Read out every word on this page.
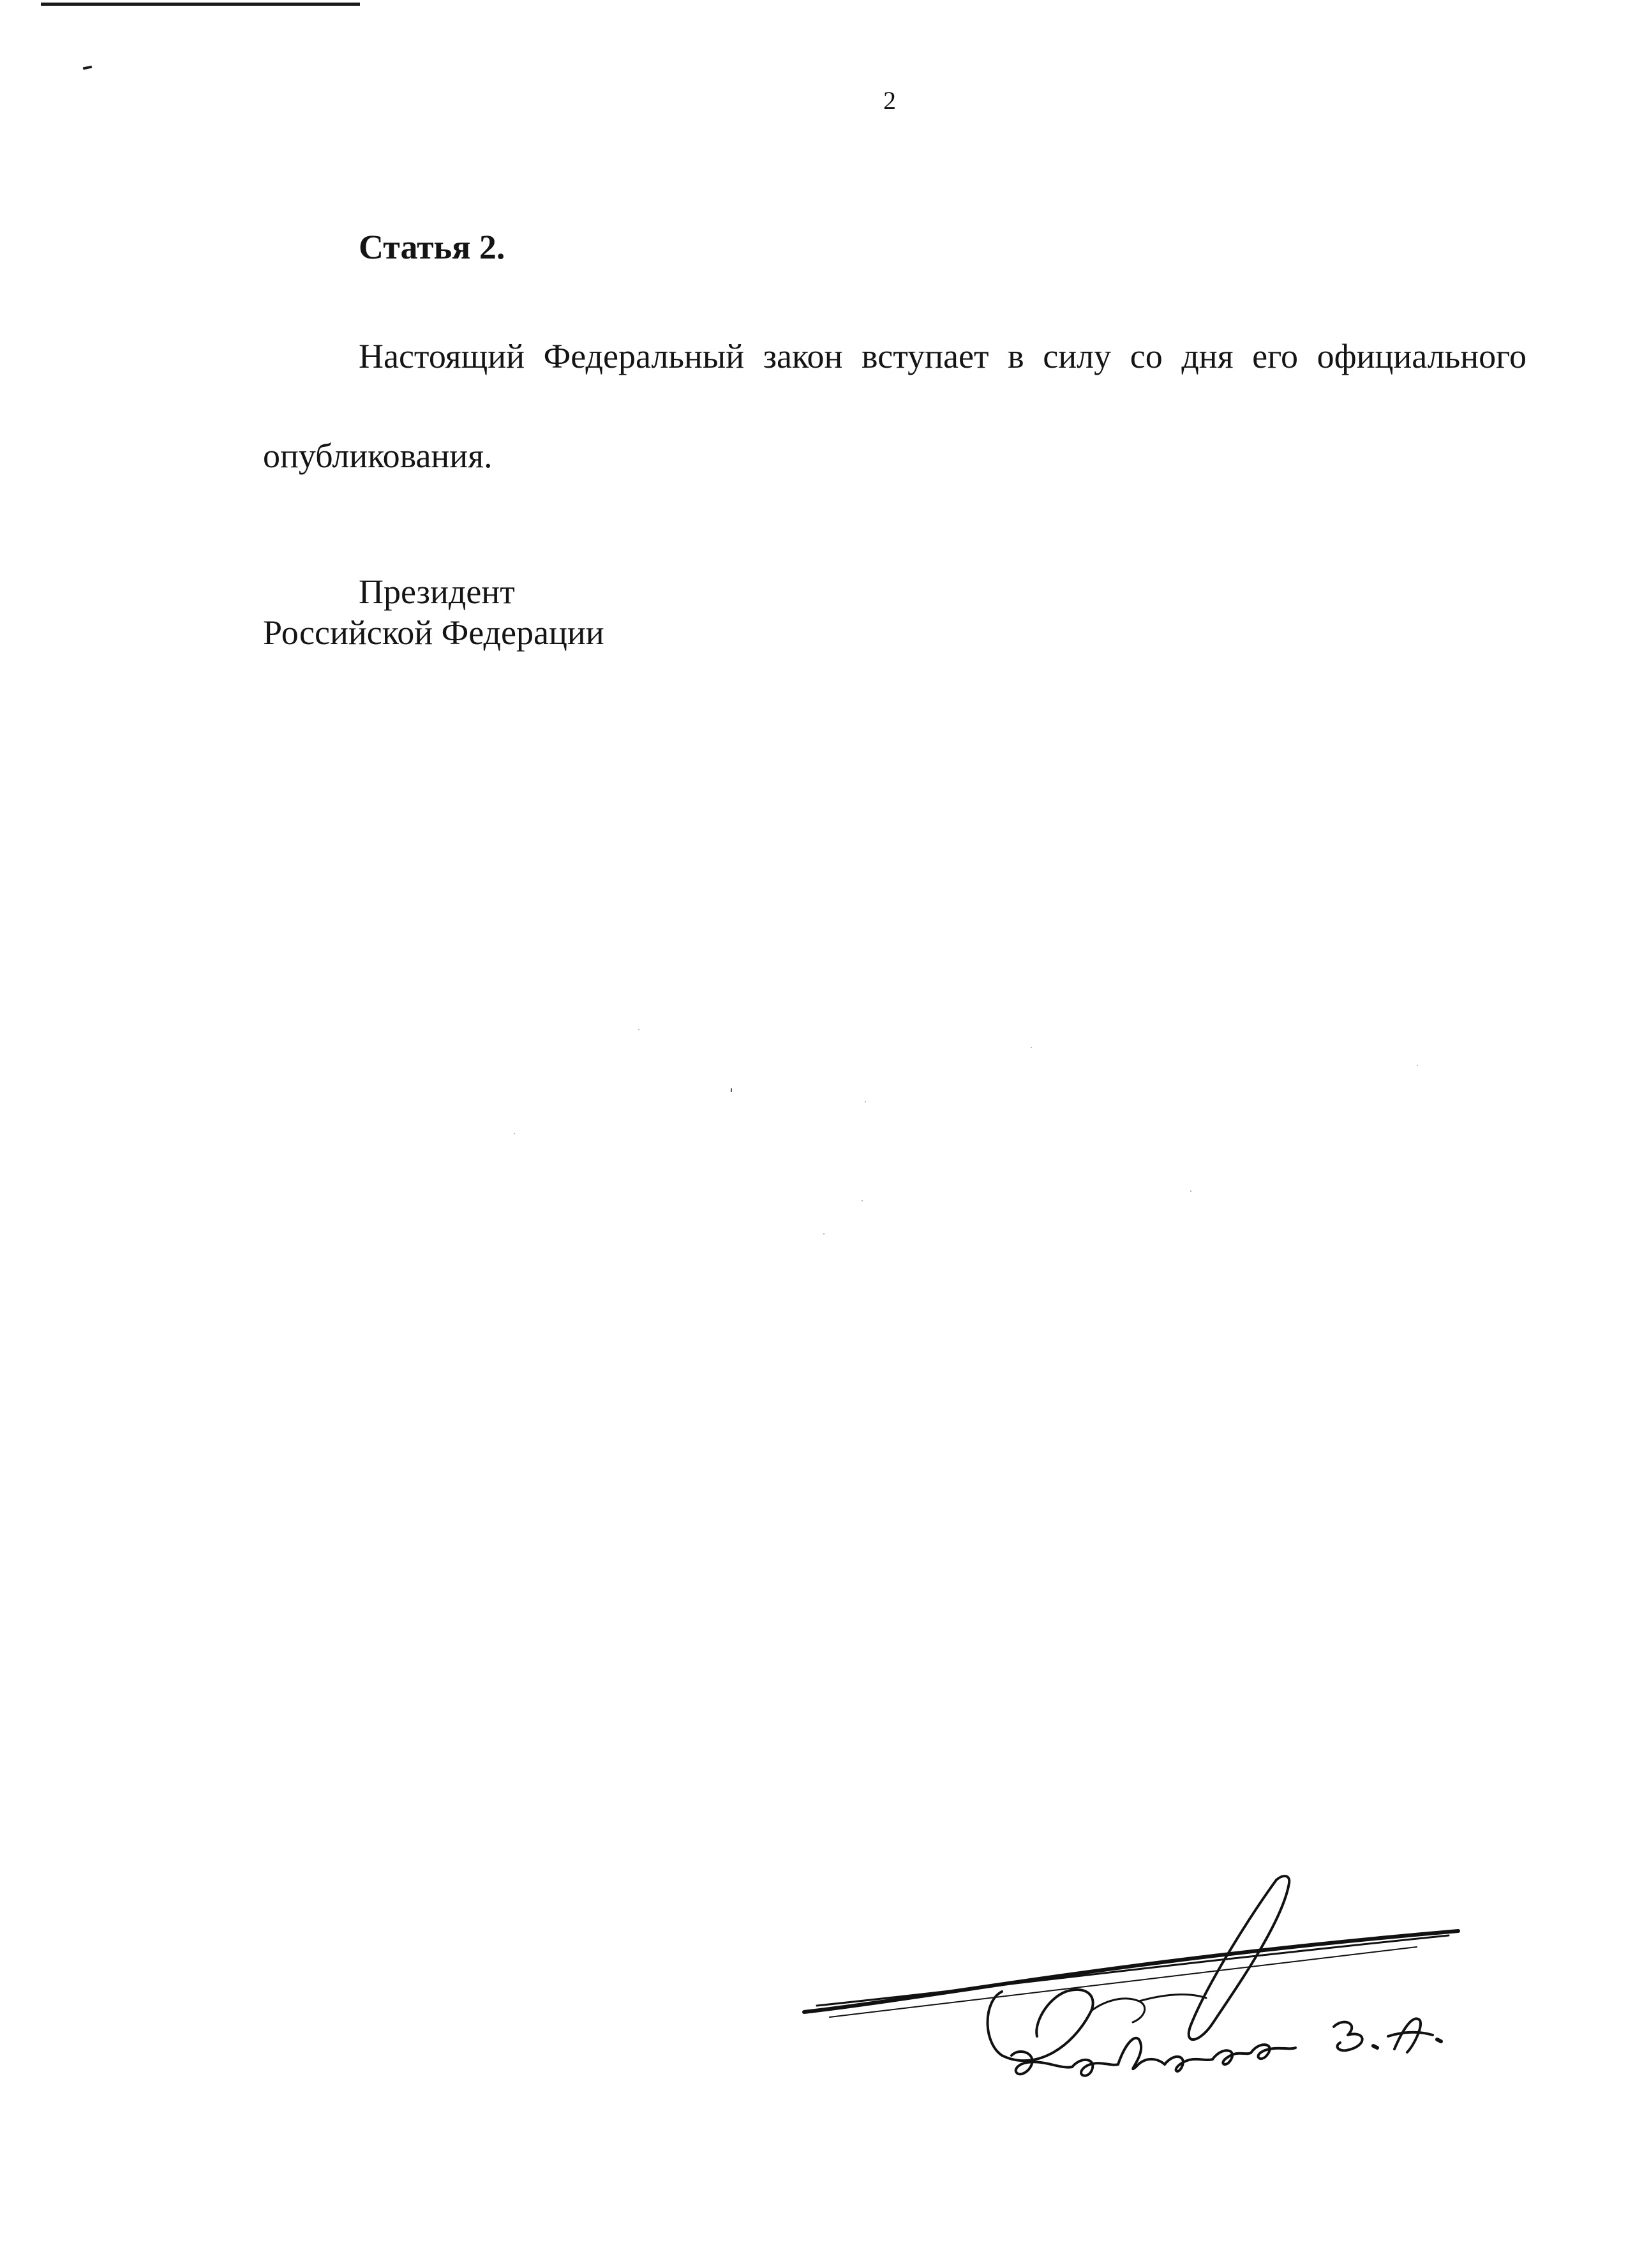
2
Статья 2.

Настоящий Федеральный закон вступает в силу со дня его официального опубликования.

Президент
Российской Федерации
